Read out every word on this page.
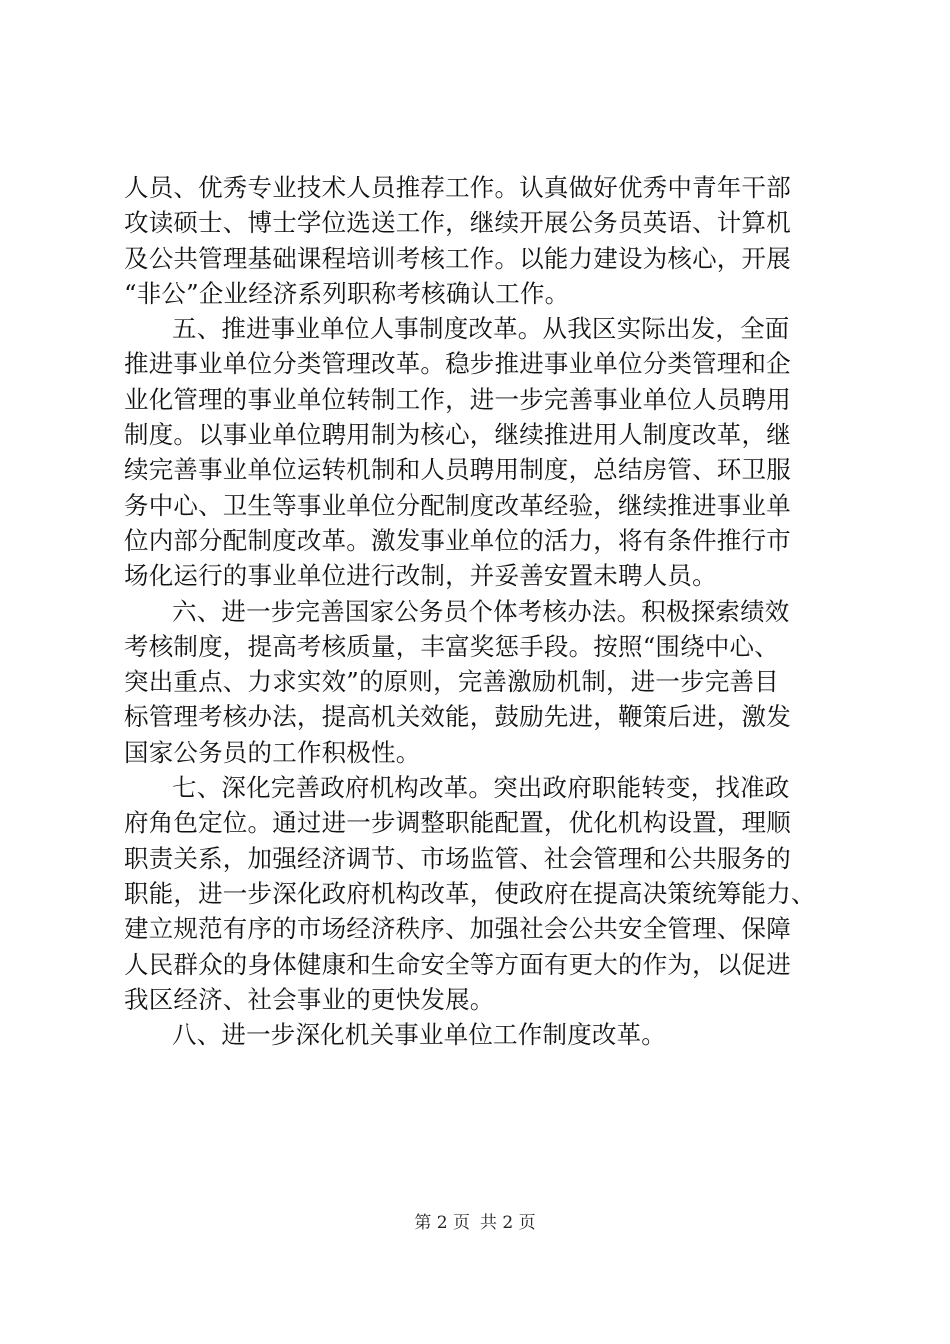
人员、优秀专业技术人员推荐工作。认真做好优秀中青年干部
攻读硕士、博士学位选送工作，继续开展公务员英语、计算机
及公共管理基础课程培训考核工作。以能力建设为核心，开展
“非公”企业经济系列职称考核确认工作。
五、推进事业单位人事制度改革。从我区实际出发，全面
推进事业单位分类管理改革。稳步推进事业单位分类管理和企
业化管理的事业单位转制工作，进一步完善事业单位人员聘用
制度。以事业单位聘用制为核心，继续推进用人制度改革，继
续完善事业单位运转机制和人员聘用制度，总结房管、环卫服
务中心、卫生等事业单位分配制度改革经验，继续推进事业单
位内部分配制度改革。激发事业单位的活力，将有条件推行市
场化运行的事业单位进行改制，并妥善安置未聘人员。
六、进一步完善国家公务员个体考核办法。积极探索绩效
考核制度，提高考核质量，丰富奖惩手段。按照“围绕中心、
突出重点、力求实效”的原则，完善激励机制，进一步完善目
标管理考核办法，提高机关效能，鼓励先进，鞭策后进，激发
国家公务员的工作积极性。
七、深化完善政府机构改革。突出政府职能转变，找准政
府角色定位。通过进一步调整职能配置，优化机构设置，理顺
职责关系，加强经济调节、市场监管、社会管理和公共服务的
职能，进一步深化政府机构改革，使政府在提高决策统筹能力、
建立规范有序的市场经济秩序、加强社会公共安全管理、保障
人民群众的身体健康和生命安全等方面有更大的作为，以促进
我区经济、社会事业的更快发展。
八、进一步深化机关事业单位工作制度改革。
第 2 页 共 2 页
